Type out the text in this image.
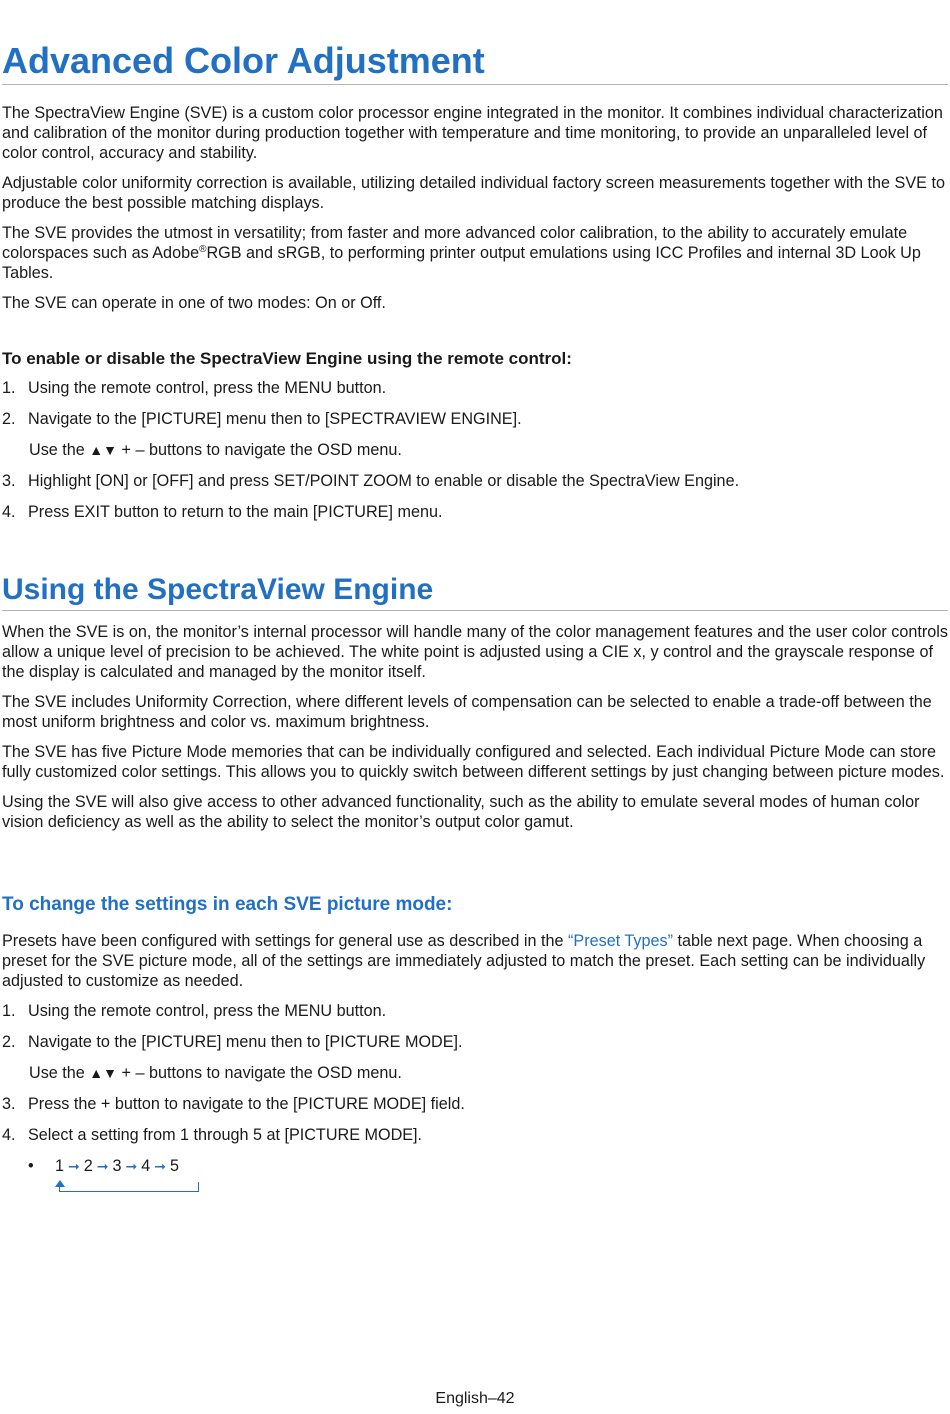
Advanced Color Adjustment

The SpectraView Engine (SVE) is a custom color processor engine integrated in the monitor. It combines individual characterization and calibration of the monitor during production together with temperature and time monitoring, to provide an unparalleled level of color control, accuracy and stability.

Adjustable color uniformity correction is available, utilizing detailed individual factory screen measurements together with the SVE to produce the best possible matching displays.

The SVE provides the utmost in versatility; from faster and more advanced color calibration, to the ability to accurately emulate colorspaces such as Adobe®RGB and sRGB, to performing printer output emulations using ICC Profiles and internal 3D Look Up Tables.

The SVE can operate in one of two modes: On or Off.

To enable or disable the SpectraView Engine using the remote control:
1. Using the remote control, press the MENU button.
2. Navigate to the [PICTURE] menu then to [SPECTRAVIEW ENGINE].
Use the ▲▼ + – buttons to navigate the OSD menu.
3. Highlight [ON] or [OFF] and press SET/POINT ZOOM to enable or disable the SpectraView Engine.
4. Press EXIT button to return to the main [PICTURE] menu.
Using the SpectraView Engine

When the SVE is on, the monitor’s internal processor will handle many of the color management features and the user color controls allow a unique level of precision to be achieved. The white point is adjusted using a CIE x, y control and the grayscale response of the display is calculated and managed by the monitor itself.

The SVE includes Uniformity Correction, where different levels of compensation can be selected to enable a trade-off between the most uniform brightness and color vs. maximum brightness.

The SVE has five Picture Mode memories that can be individually configured and selected. Each individual Picture Mode can store fully customized color settings. This allows you to quickly switch between different settings by just changing between picture modes.

Using the SVE will also give access to other advanced functionality, such as the ability to emulate several modes of human color vision deficiency as well as the ability to select the monitor’s output color gamut.

To change the settings in each SVE picture mode:

Presets have been configured with settings for general use as described in the “Preset Types” table next page. When choosing a preset for the SVE picture mode, all of the settings are immediately adjusted to match the preset. Each setting can be individually adjusted to customize as needed.

1. Using the remote control, press the MENU button.
2. Navigate to the [PICTURE] menu then to [PICTURE MODE].
Use the ▲▼ + – buttons to navigate the OSD menu.
3. Press the + button to navigate to the [PICTURE MODE] field.
4. Select a setting from 1 through 5 at [PICTURE MODE].
• 1 ➞ 2 ➞ 3 ➞ 4 ➞ 5
English–42
